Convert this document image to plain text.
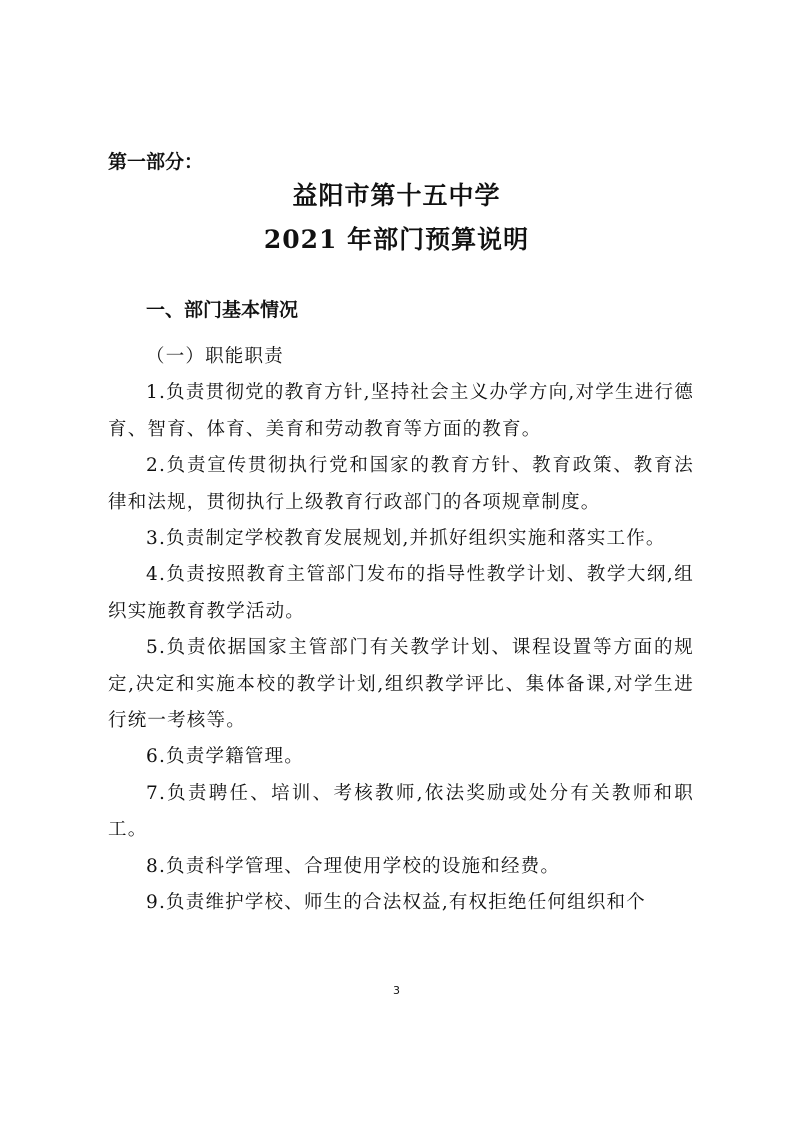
第一部分：

益阳市第十五中学
2021 年部门预算说明
一、部门基本情况

（一）职能职责

1.负责贯彻党的教育方针,坚持社会主义办学方向,对学生进行德育、智育、体育、美育和劳动教育等方面的教育。

2.负责宣传贯彻执行党和国家的教育方针、教育政策、教育法律和法规，贯彻执行上级教育行政部门的各项规章制度。

3.负责制定学校教育发展规划,并抓好组织实施和落实工作。

4.负责按照教育主管部门发布的指导性教学计划、教学大纲,组织实施教育教学活动。

5.负责依据国家主管部门有关教学计划、课程设置等方面的规定,决定和实施本校的教学计划,组织教学评比、集体备课,对学生进行统一考核等。

6.负责学籍管理。

7.负责聘任、培训、考核教师,依法奖励或处分有关教师和职工。

8.负责科学管理、合理使用学校的设施和经费。

9.负责维护学校、师生的合法权益,有权拒绝任何组织和个

3
